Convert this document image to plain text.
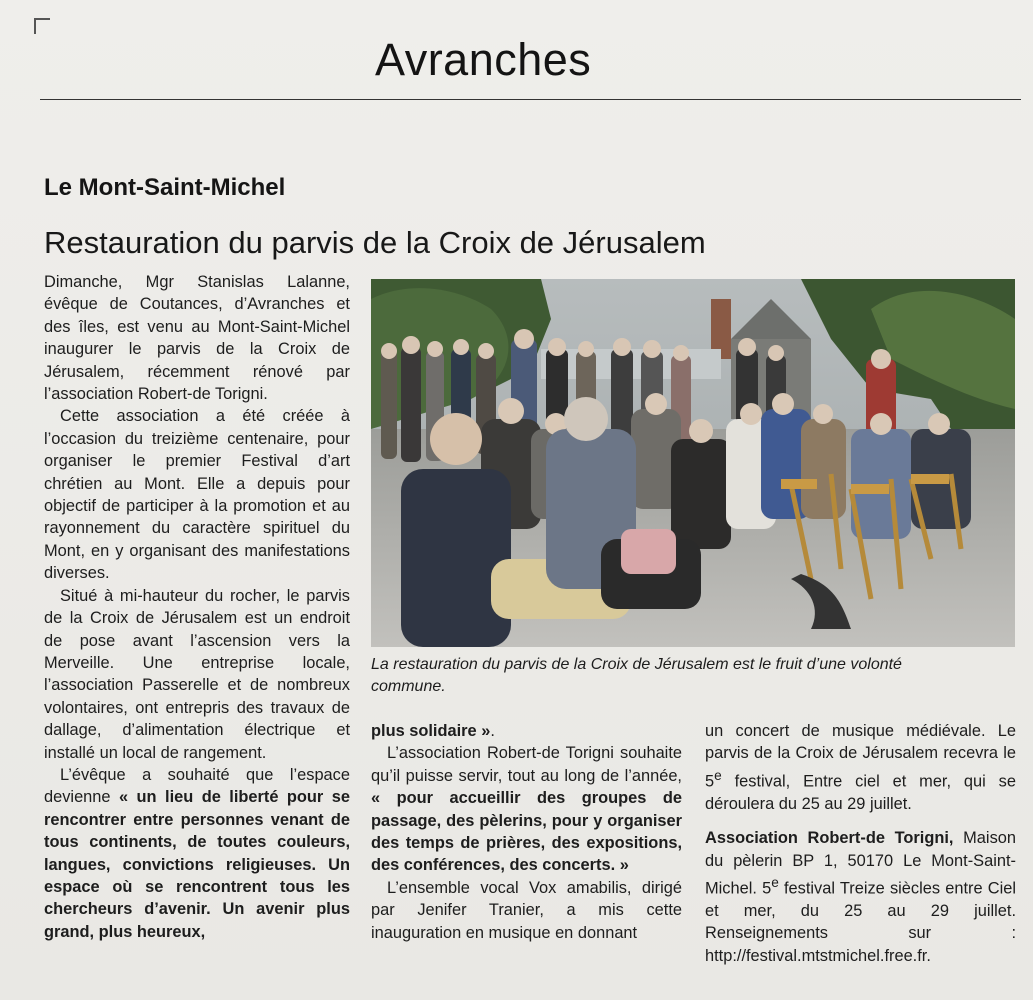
Avranches
Le Mont-Saint-Michel
Restauration du parvis de la Croix de Jérusalem

Dimanche, Mgr Stanislas Lalanne, évêque de Coutances, d’Avranches et des îles, est venu au Mont-Saint-Michel inaugurer le parvis de la Croix de Jérusalem, récemment rénové par l’association Robert-de Torigni.

Cette association a été créée à l’occasion du treizième centenaire, pour organiser le premier Festival d’art chrétien au Mont. Elle a depuis pour objectif de participer à la promotion et au rayonnement du caractère spirituel du Mont, en y organisant des manifestations diverses.

Situé à mi-hauteur du rocher, le parvis de la Croix de Jérusalem est un endroit de pose avant l’ascension vers la Merveille. Une entreprise locale, l’association Passerelle et de nombreux volontaires, ont entrepris des travaux de dallage, d’alimentation électrique et installé un local de rangement.

L’évêque a souhaité que l’espace devienne « un lieu de liberté pour se rencontrer entre personnes venant de tous continents, de toutes couleurs, langues, convictions religieuses. Un espace où se rencontrent tous les chercheurs d’avenir. Un avenir plus grand, plus heureux,

La restauration du parvis de la Croix de Jérusalem est le fruit d’une volonté commune.

plus solidaire ».

L’association Robert-de Torigni souhaite qu’il puisse servir, tout au long de l’année, « pour accueillir des groupes de passage, des pèlerins, pour y organiser des temps de prières, des expositions, des conférences, des concerts. »

L’ensemble vocal Vox amabilis, dirigé par Jenifer Tranier, a mis cette inauguration en musique en donnant

un concert de musique médiévale. Le parvis de la Croix de Jérusalem recevra le 5e festival, Entre ciel et mer, qui se déroulera du 25 au 29 juillet.

Association Robert-de Torigni, Maison du pèlerin BP 1, 50170 Le Mont-Saint-Michel. 5e festival Treize siècles entre Ciel et mer, du 25 au 29 juillet. Renseignements sur : http://festival.mtstmichel.free.fr.
